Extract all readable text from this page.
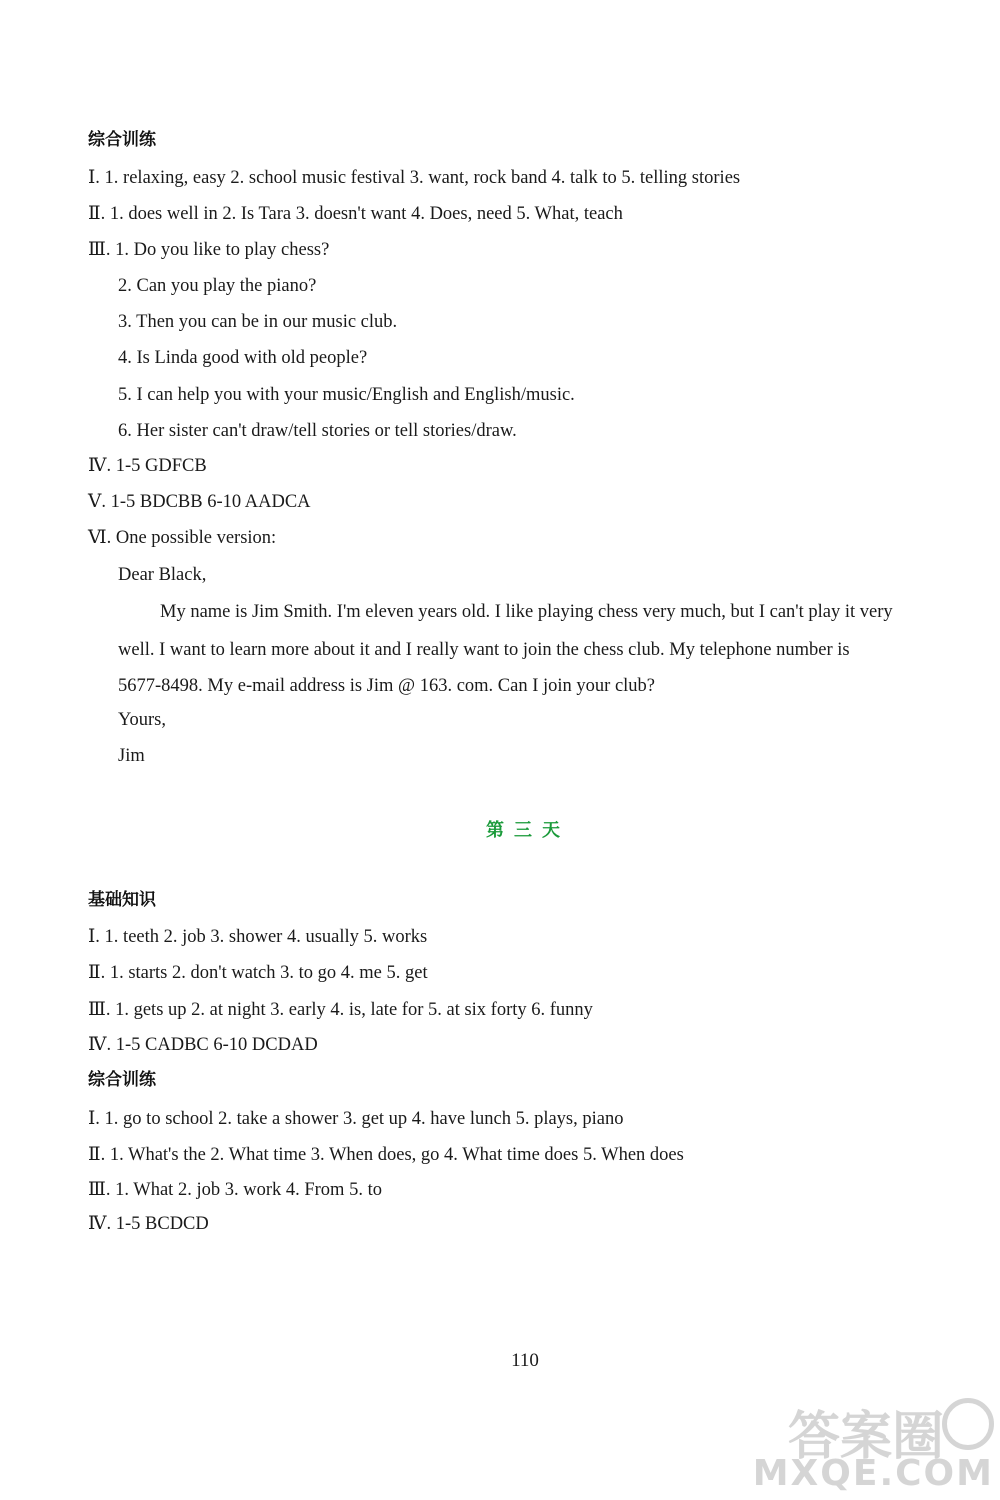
综合训练

Ⅰ. 1. relaxing, easy 2. school music festival 3. want, rock band 4. talk to 5. telling stories

Ⅱ. 1. does well in 2. Is Tara 3. doesn't want 4. Does, need 5. What, teach

Ⅲ. 1. Do you like to play chess?

2. Can you play the piano?

3. Then you can be in our music club.

4. Is Linda good with old people?

5. I can help you with your music/English and English/music.

6. Her sister can't draw/tell stories or tell stories/draw.

Ⅳ. 1-5 GDFCB

Ⅴ. 1-5 BDCBB 6-10 AADCA

Ⅵ. One possible version:

Dear Black,

My name is Jim Smith. I'm eleven years old. I like playing chess very much, but I can't play it very

well. I want to learn more about it and I really want to join the chess club. My telephone number is

5677-8498. My e-mail address is Jim @ 163. com. Can I join your club?

Yours,

Jim

第三天
基础知识

Ⅰ. 1. teeth 2. job 3. shower 4. usually 5. works

Ⅱ. 1. starts 2. don't watch 3. to go 4. me 5. get

Ⅲ. 1. gets up 2. at night 3. early 4. is, late for 5. at six forty 6. funny

Ⅳ. 1-5 CADBC 6-10 DCDAD

综合训练

Ⅰ. 1. go to school 2. take a shower 3. get up 4. have lunch 5. plays, piano

Ⅱ. 1. What's the 2. What time 3. When does, go 4. What time does 5. When does

Ⅲ. 1. What 2. job 3. work 4. From 5. to

Ⅳ. 1-5 BCDCD

110
答案圈
MXQE.COM
